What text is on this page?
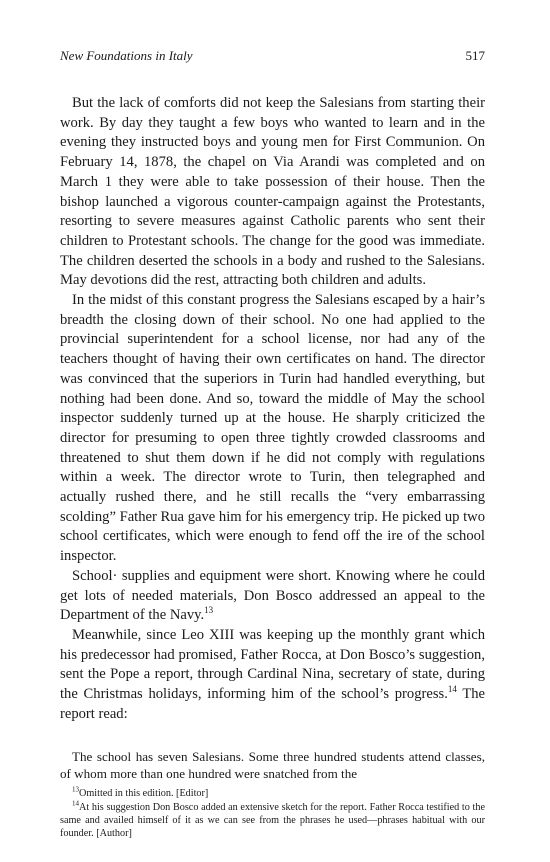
New Foundations in Italy	517

But the lack of comforts did not keep the Salesians from starting their work. By day they taught a few boys who wanted to learn and in the evening they instructed boys and young men for First Communion. On February 14, 1878, the chapel on Via Arandi was completed and on March 1 they were able to take possession of their house. Then the bishop launched a vigorous counter-campaign against the Protestants, resorting to severe measures against Catholic parents who sent their children to Protestant schools. The change for the good was immediate. The children deserted the schools in a body and rushed to the Salesians. May devotions did the rest, attracting both children and adults.

In the midst of this constant progress the Salesians escaped by a hair’s breadth the closing down of their school. No one had applied to the provincial superintendent for a school license, nor had any of the teachers thought of having their own certificates on hand. The director was convinced that the superiors in Turin had handled everything, but nothing had been done. And so, toward the middle of May the school inspector suddenly turned up at the house. He sharply criticized the director for presuming to open three tightly crowded classrooms and threatened to shut them down if he did not comply with regulations within a week. The director wrote to Turin, then telegraphed and actually rushed there, and he still recalls the “very embarrassing scolding” Father Rua gave him for his emergency trip. He picked up two school certificates, which were enough to fend off the ire of the school inspector.

School· supplies and equipment were short. Knowing where he could get lots of needed materials, Don Bosco addressed an appeal to the Department of the Navy.$^{13}$

Meanwhile, since Leo XIII was keeping up the monthly grant which his predecessor had promised, Father Rocca, at Don Bosco’s suggestion, sent the Pope a report, through Cardinal Nina, secretary of state, during the Christmas holidays, informing him of the school’s progress.$^{14}$ The report read:

The school has seven Salesians. Some three hundred students attend classes, of whom more than one hundred were snatched from the

$^{13}$Omitted in this edition. [Editor]

$^{14}$At his suggestion Don Bosco added an extensive sketch for the report. Father Rocca testified to the same and availed himself of it as we can see from the phrases he used—phrases habitual with our founder. [Author]
